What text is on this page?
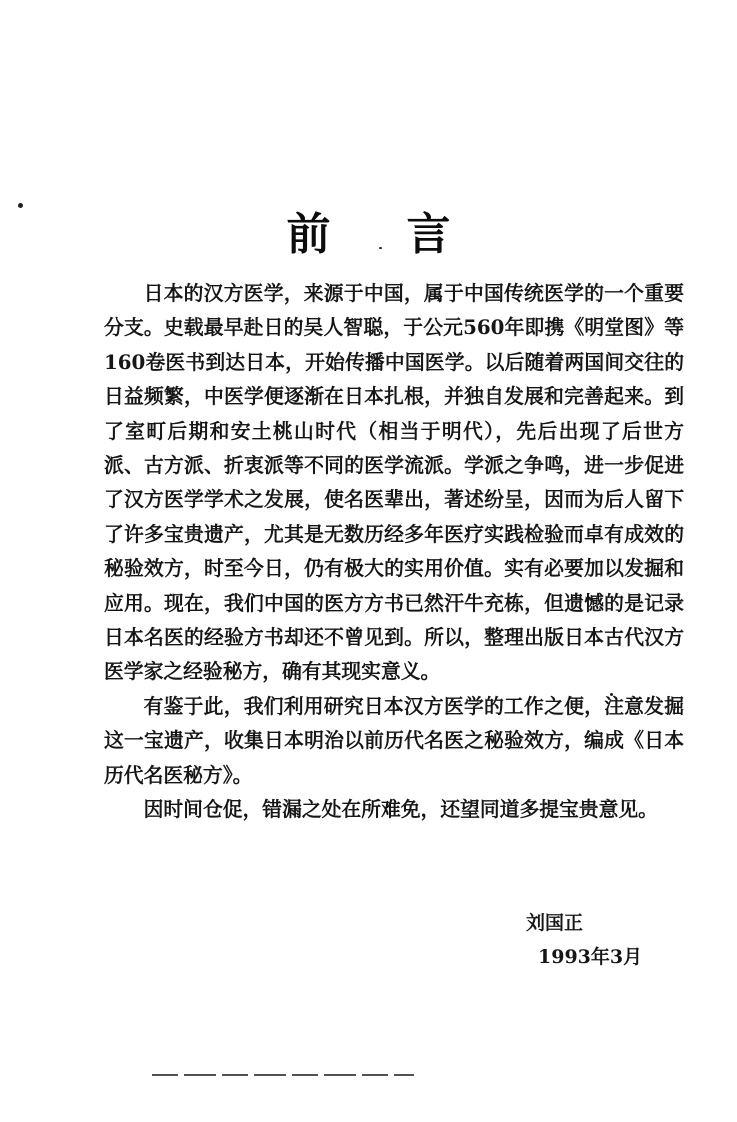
前言

日本的汉方医学，来源于中国，属于中国传统医学的一个重要分支。史载最早赴日的吴人智聪，于公元560年即携《明堂图》等160卷医书到达日本，开始传播中国医学。以后随着两国间交往的日益频繁，中医学便逐渐在日本扎根，并独自发展和完善起来。到了室町后期和安土桃山时代（相当于明代），先后出现了后世方派、古方派、折衷派等不同的医学流派。学派之争鸣，进一步促进了汉方医学学术之发展，使名医辈出，著述纷呈，因而为后人留下了许多宝贵遗产，尤其是无数历经多年医疗实践检验而卓有成效的秘验效方，时至今日，仍有极大的实用价值。实有必要加以发掘和应用。现在，我们中国的医方方书已然汗牛充栋，但遗憾的是记录日本名医的经验方书却还不曾见到。所以，整理出版日本古代汉方医学家之经验秘方，确有其现实意义。

有鉴于此，我们利用研究日本汉方医学的工作之便，注意发掘这一宝遗产，收集日本明治以前历代名医之秘验效方，编成《日本历代名医秘方》。

因时间仓促，错漏之处在所难免，还望同道多提宝贵意见。

刘国正
1993年3月
